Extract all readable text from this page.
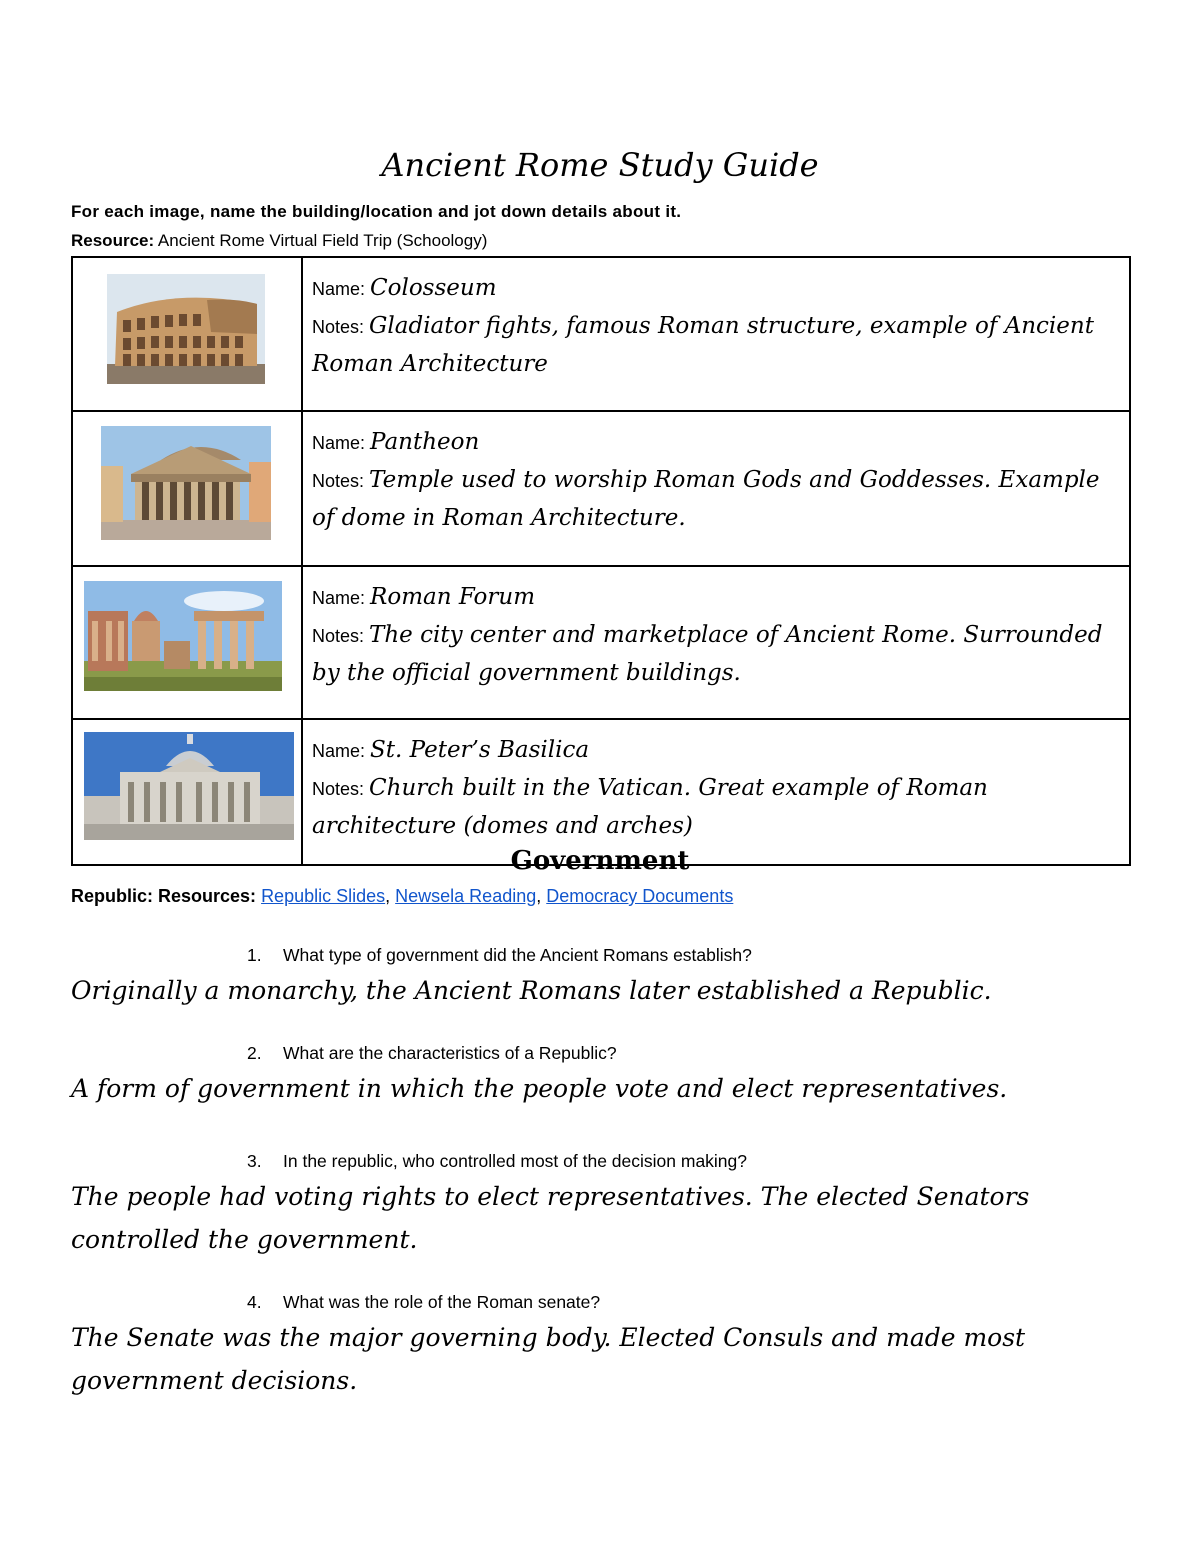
Ancient Rome Study Guide
For each image, name the building/location and jot down details about it.
Resource: Ancient Rome Virtual Field Trip (Schoology)

Name: Colosseum
Notes: Gladiator fights, famous Roman structure, example of Ancient Roman Architecture

Name: Pantheon
Notes: Temple used to worship Roman Gods and Goddesses. Example of dome in Roman Architecture.

Name: Roman Forum
Notes: The city center and marketplace of Ancient Rome. Surrounded by the official government buildings.

Name: St. Peter’s Basilica
Notes: Church built in the Vatican. Great example of Roman architecture (domes and arches)
Government
Republic: Resources: Republic Slides, Newsela Reading, Democracy Documents
1. What type of government did the Ancient Romans establish?
Originally a monarchy, the Ancient Romans later established a Republic.
2. What are the characteristics of a Republic?
A form of government in which the people vote and elect representatives.
3. In the republic, who controlled most of the decision making?
The people had voting rights to elect representatives. The elected Senators controlled the government.
4. What was the role of the Roman senate?
The Senate was the major governing body. Elected Consuls and made most government decisions.
